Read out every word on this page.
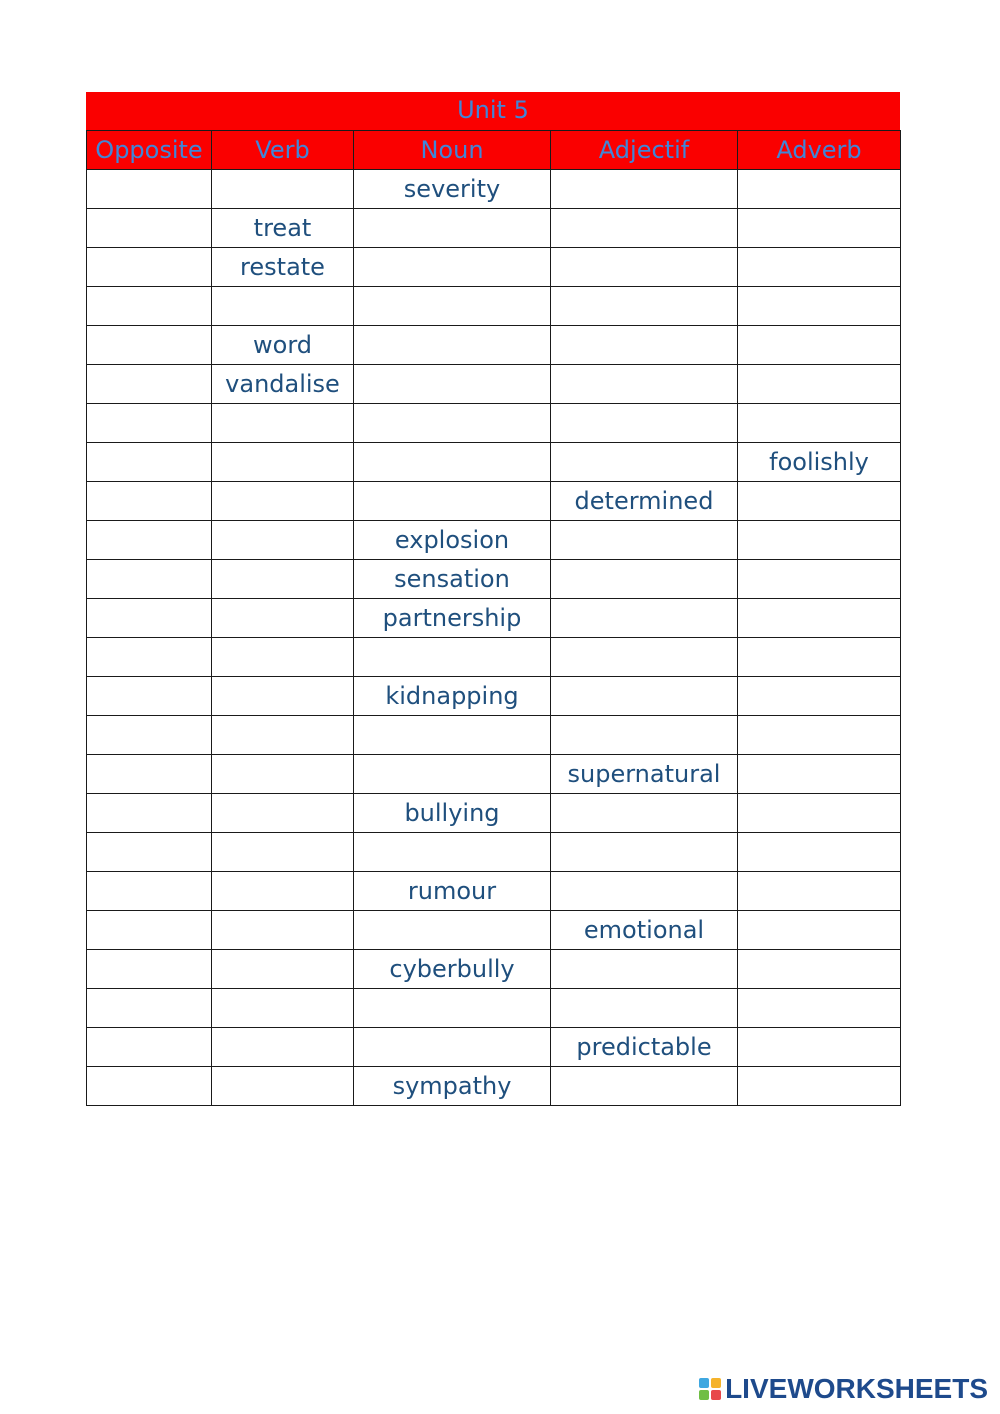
Unit 5
Opposite	Verb	Noun	Adjectif	Adverb
		severity		
	treat			
	restate			

	word			
	vandalise			

				foolishly
			determined	
		explosion		
		sensation		
		partnership		

		kidnapping		

			supernatural	
		bullying		

		rumour		
			emotional	
		cyberbully		

			predictable	
		sympathy		
LIVEWORKSHEETS
